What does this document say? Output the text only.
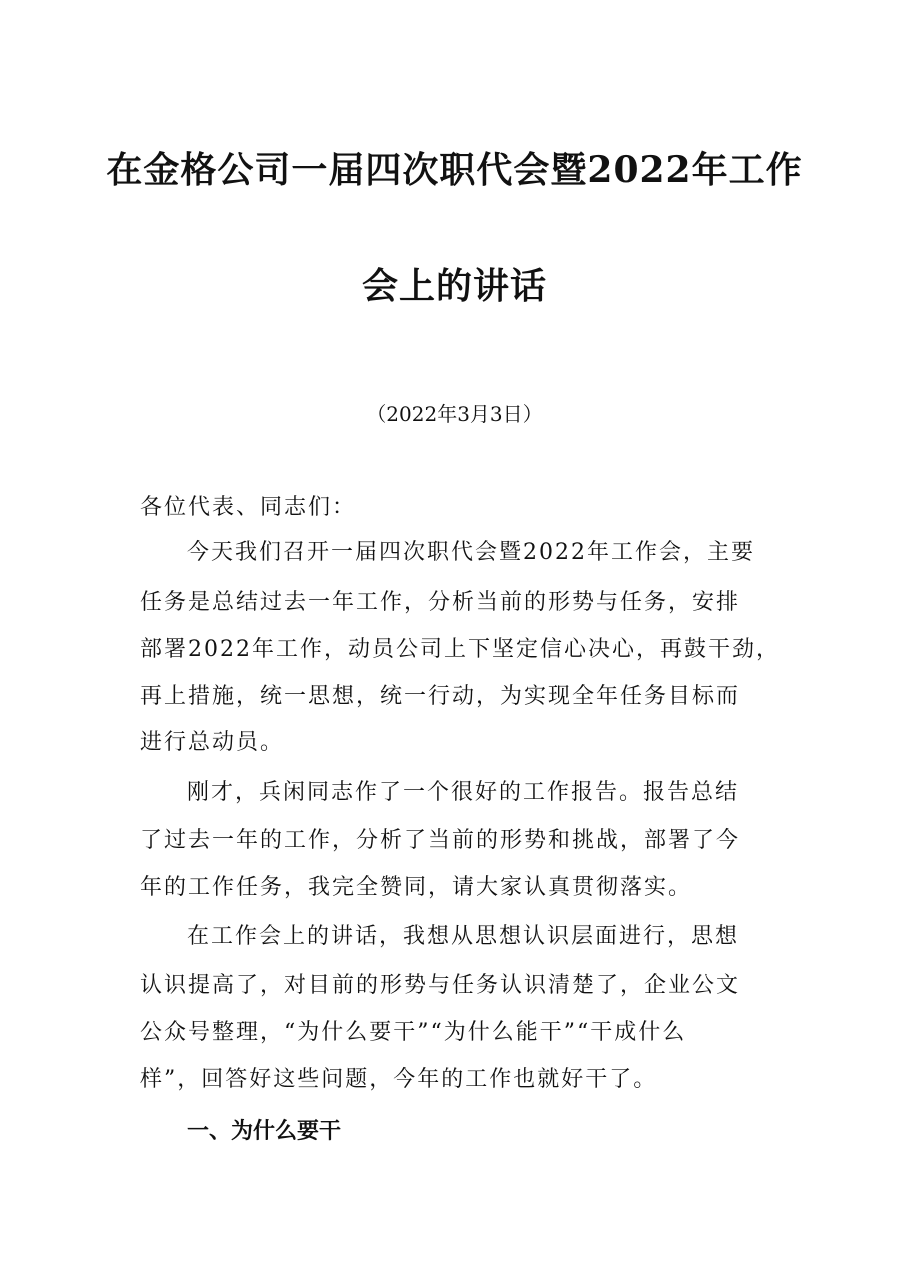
在金格公司一届四次职代会暨2022年工作
会上的讲话
（2022年3月3日）
各位代表、同志们：
今天我们召开一届四次职代会暨2022年工作会，主要
任务是总结过去一年工作，分析当前的形势与任务，安排
部署2022年工作，动员公司上下坚定信心决心，再鼓干劲，
再上措施，统一思想，统一行动，为实现全年任务目标而
进行总动员。
刚才，兵闲同志作了一个很好的工作报告。报告总结
了过去一年的工作，分析了当前的形势和挑战，部署了今
年的工作任务，我完全赞同，请大家认真贯彻落实。
在工作会上的讲话，我想从思想认识层面进行，思想
认识提高了，对目前的形势与任务认识清楚了，企业公文
公众号整理，“为什么要干”“为什么能干”“干成什么
样”，回答好这些问题，今年的工作也就好干了。
一、为什么要干
